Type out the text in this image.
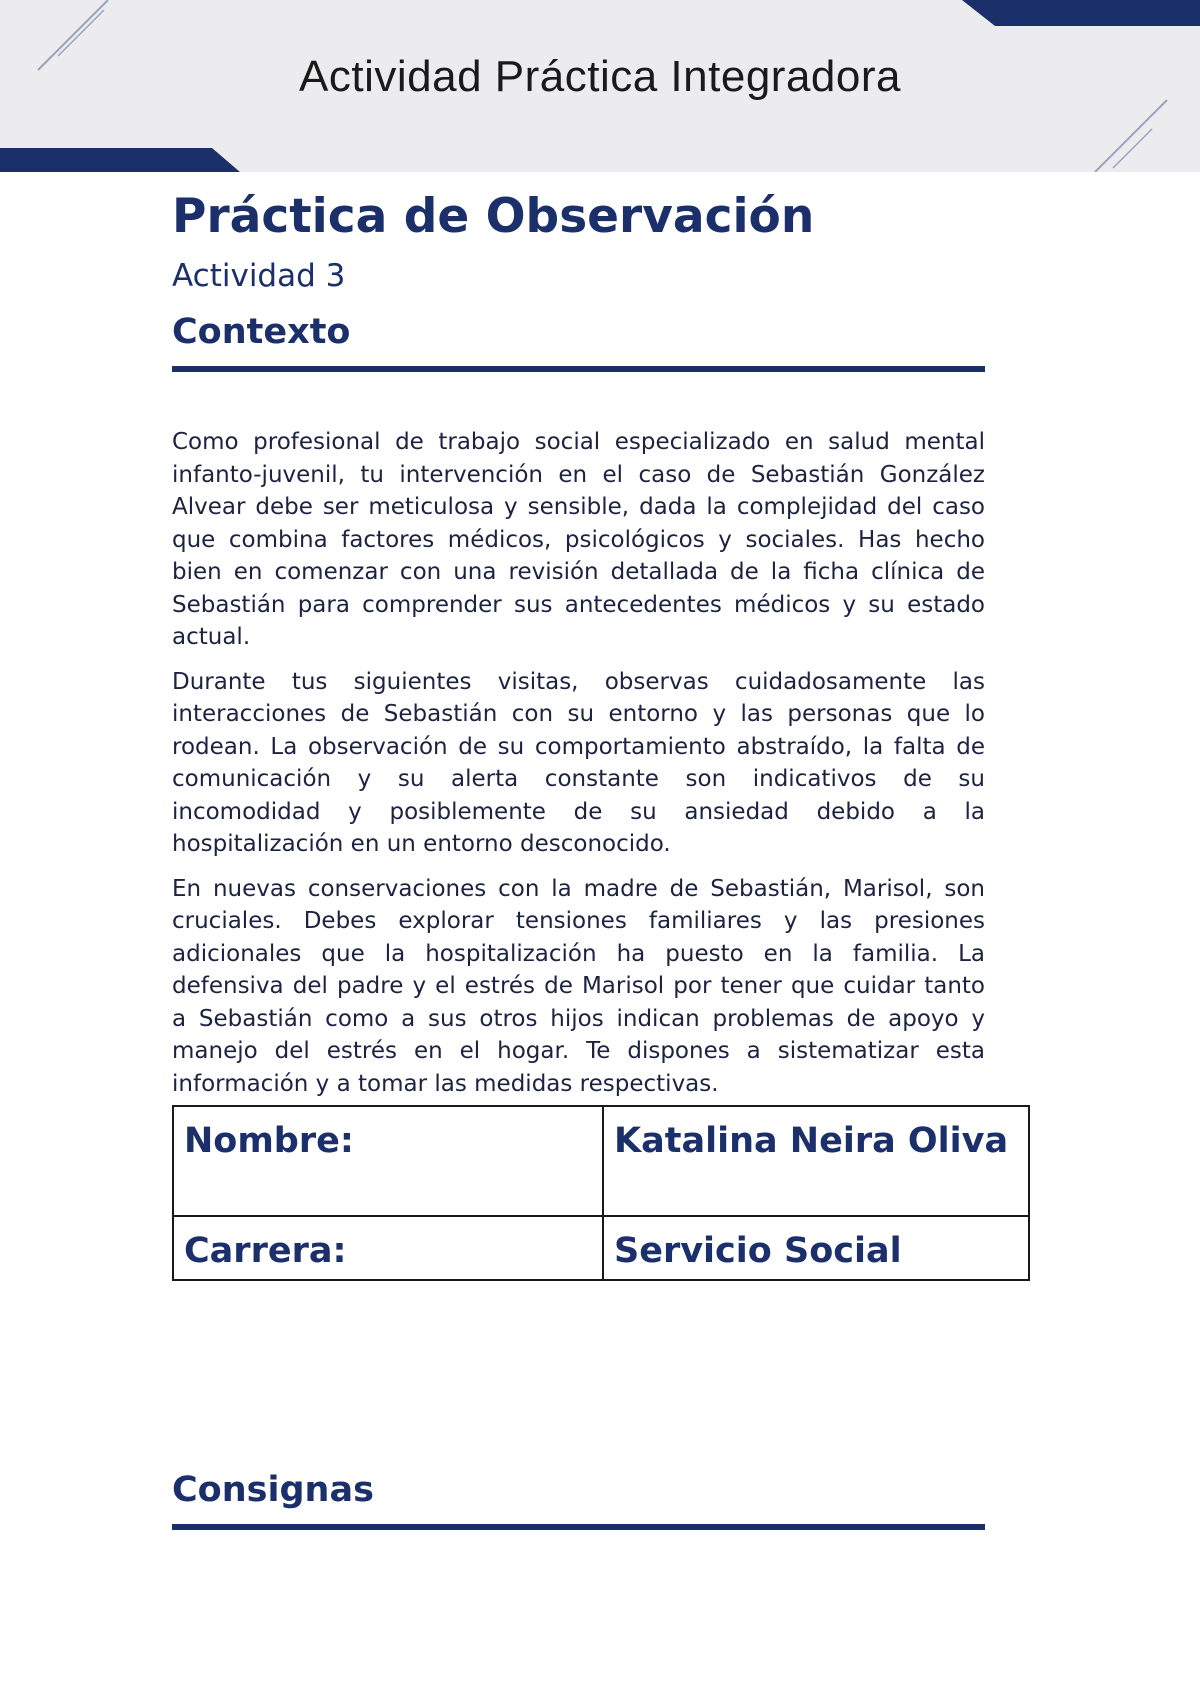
Actividad Práctica Integradora
Práctica de Observación
Actividad 3
Contexto

Como profesional de trabajo social especializado en salud mental infanto-juvenil, tu intervención en el caso de Sebastián González Alvear debe ser meticulosa y sensible, dada la complejidad del caso que combina factores médicos, psicológicos y sociales. Has hecho bien en comenzar con una revisión detallada de la ficha clínica de Sebastián para comprender sus antecedentes médicos y su estado actual.

Durante tus siguientes visitas, observas cuidadosamente las interacciones de Sebastián con su entorno y las personas que lo rodean. La observación de su comportamiento abstraído, la falta de comunicación y su alerta constante son indicativos de su incomodidad y posiblemente de su ansiedad debido a la hospitalización en un entorno desconocido.

En nuevas conservaciones con la madre de Sebastián, Marisol, son cruciales. Debes explorar tensiones familiares y las presiones adicionales que la hospitalización ha puesto en la familia. La defensiva del padre y el estrés de Marisol por tener que cuidar tanto a Sebastián como a sus otros hijos indican problemas de apoyo y manejo del estrés en el hogar. Te dispones a sistematizar esta información y a tomar las medidas respectivas.

Nombre:	Katalina Neira Oliva
Carrera:	Servicio Social
Consignas
